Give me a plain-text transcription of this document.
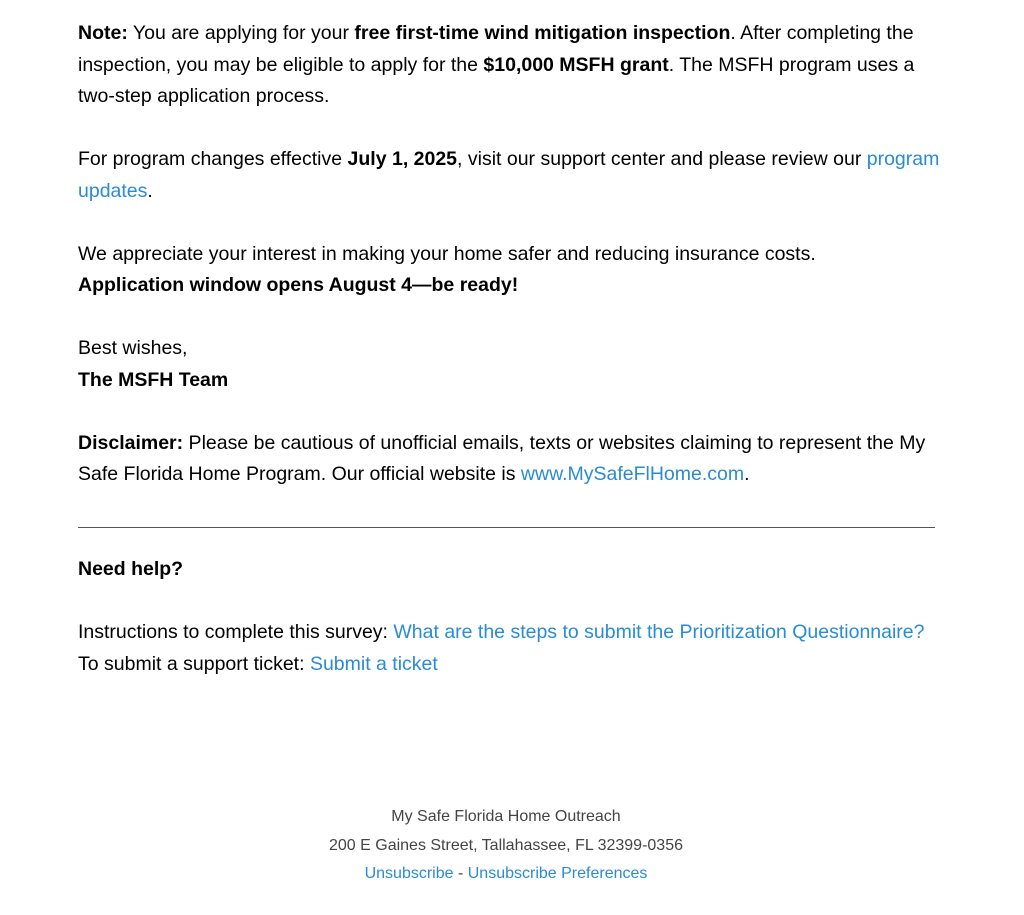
Note: You are applying for your free first-time wind mitigation inspection. After completing the inspection, you may be eligible to apply for the $10,000 MSFH grant. The MSFH program uses a two-step application process.

For program changes effective July 1, 2025, visit our support center and please review our program updates.

We appreciate your interest in making your home safer and reducing insurance costs.
Application window opens August 4—be ready!

Best wishes,
The MSFH Team

Disclaimer: Please be cautious of unofficial emails, texts or websites claiming to represent the My Safe Florida Home Program. Our official website is www.MySafeFlHome.com.

Need help?

Instructions to complete this survey: What are the steps to submit the Prioritization Questionnaire?

To submit a support ticket: Submit a ticket

My Safe Florida Home Outreach

200 E Gaines Street, Tallahassee, FL 32399-0356

Unsubscribe - Unsubscribe Preferences
